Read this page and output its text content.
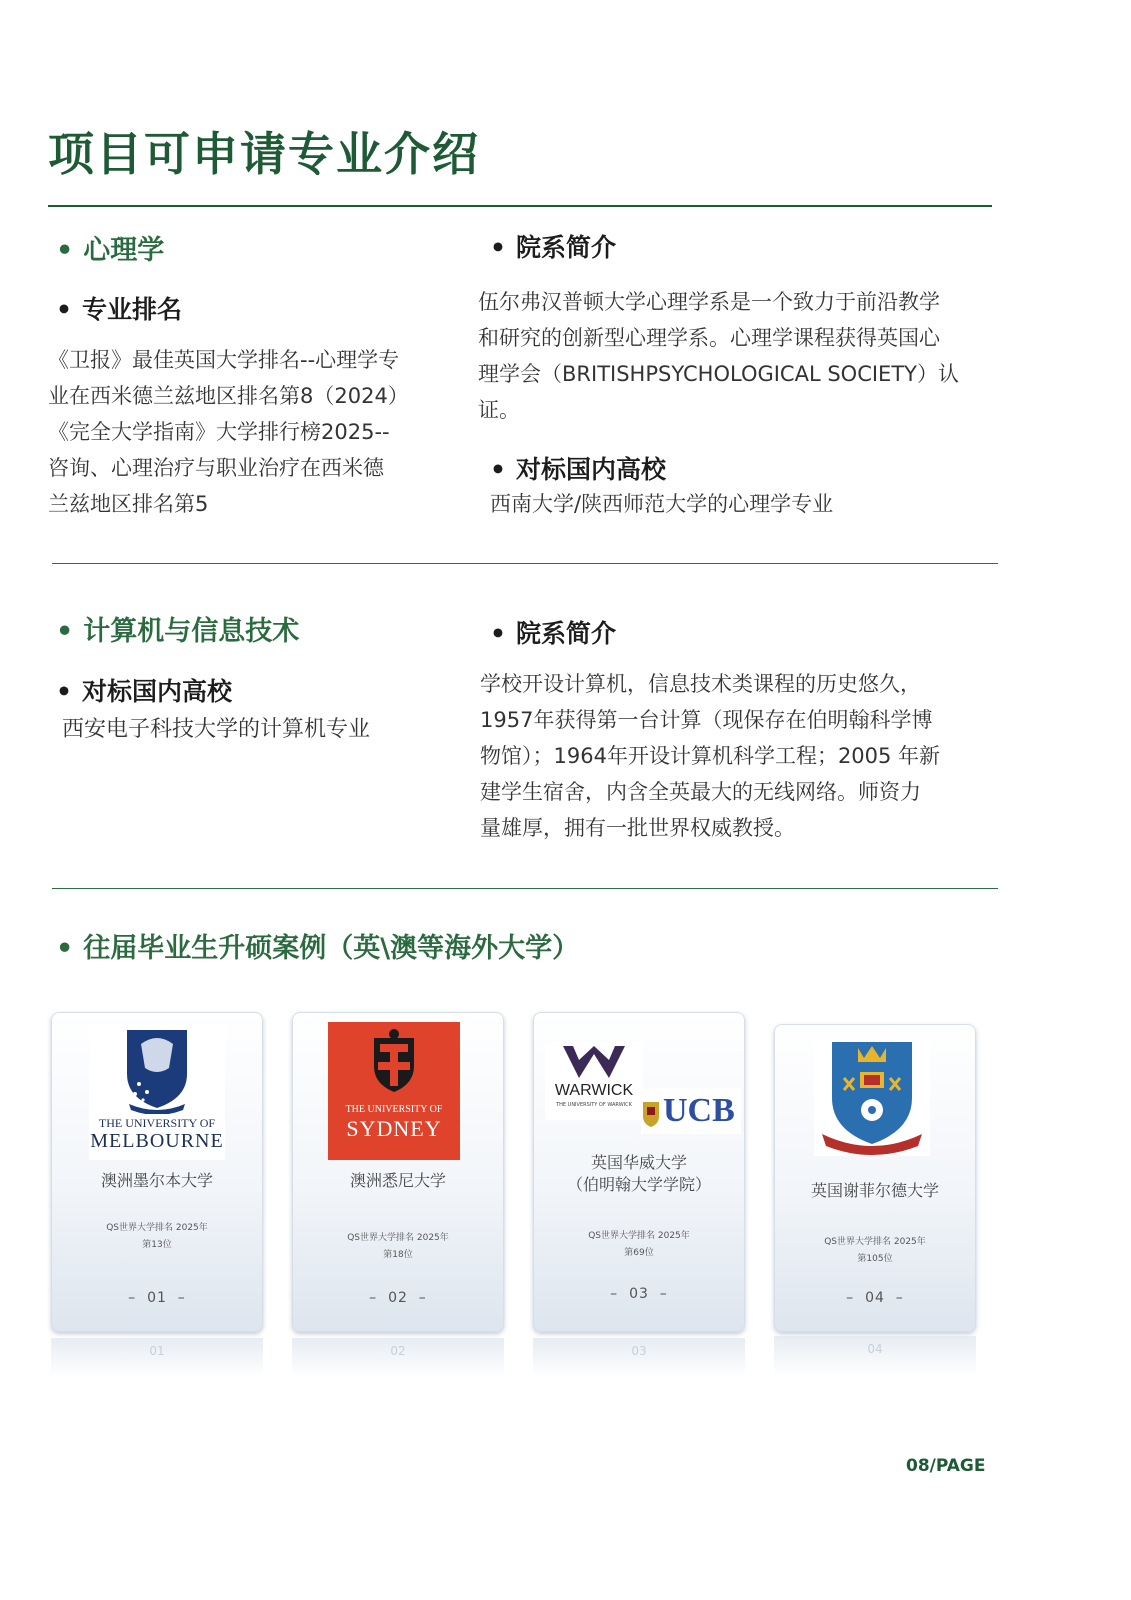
项目可申请专业介绍
• 心理学
• 专业排名
《卫报》最佳英国大学排名--心理学专
业在西米德兰兹地区排名第8（2024）
《完全大学指南》大学排行榜2025--
咨询、心理治疗与职业治疗在西米德
兰兹地区排名第5
• 院系简介
伍尔弗汉普顿大学心理学系是一个致力于前沿教学
和研究的创新型心理学系。心理学课程获得英国心
理学会（BRITISHPSYCHOLOGICAL SOCIETY）认
证。
• 对标国内高校
西南大学/陕西师范大学的心理学专业
• 计算机与信息技术
• 对标国内高校
西安电子科技大学的计算机专业
• 院系简介
学校开设计算机，信息技术类课程的历史悠久，
1957年获得第一台计算（现保存在伯明翰科学博
物馆）；1964年开设计算机科学工程；2005 年新
建学生宿舍，内含全英最大的无线网络。师资力
量雄厚，拥有一批世界权威教授。
• 往届毕业生升硕案例（英\澳等海外大学）
THE UNIVERSITY OF
MELBOURNE
澳洲墨尔本大学
QS世界大学排名 2025年
第13位
–  01  –
01
THE UNIVERSITY OF
SYDNEY
澳洲悉尼大学
QS世界大学排名 2025年
第18位
–  02  –
02
WARWICK
THE UNIVERSITY OF WARWICK UCB
英国华威大学
（伯明翰大学学院）
QS世界大学排名 2025年
第69位
–  03  –
03
英国谢菲尔德大学
QS世界大学排名 2025年
第105位
–  04  –
04
08/PAGE
